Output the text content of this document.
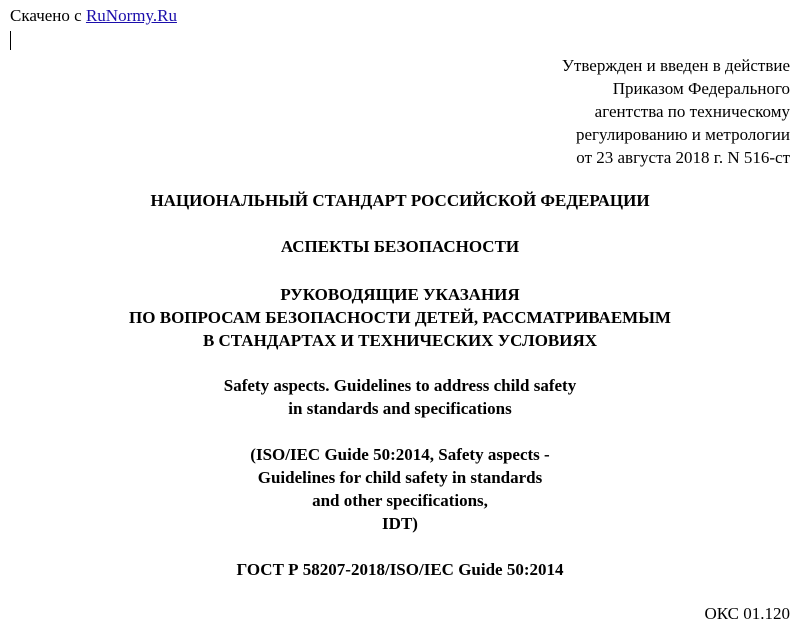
Скачено с RuNormy.Ru
Утвержден и введен в действие
Приказом Федерального
агентства по техническому
регулированию и метрологии
от 23 августа 2018 г. N 516-ст
НАЦИОНАЛЬНЫЙ СТАНДАРТ РОССИЙСКОЙ ФЕДЕРАЦИИ
АСПЕКТЫ БЕЗОПАСНОСТИ
РУКОВОДЯЩИЕ УКАЗАНИЯ
ПО ВОПРОСАМ БЕЗОПАСНОСТИ ДЕТЕЙ, РАССМАТРИВАЕМЫМ
В СТАНДАРТАХ И ТЕХНИЧЕСКИХ УСЛОВИЯХ
Safety aspects. Guidelines to address child safety
in standards and specifications
(ISO/IEC Guide 50:2014, Safety aspects -
Guidelines for child safety in standards
and other specifications,
IDT)
ГОСТ Р 58207-2018/ISO/IEC Guide 50:2014
ОКС 01.120
